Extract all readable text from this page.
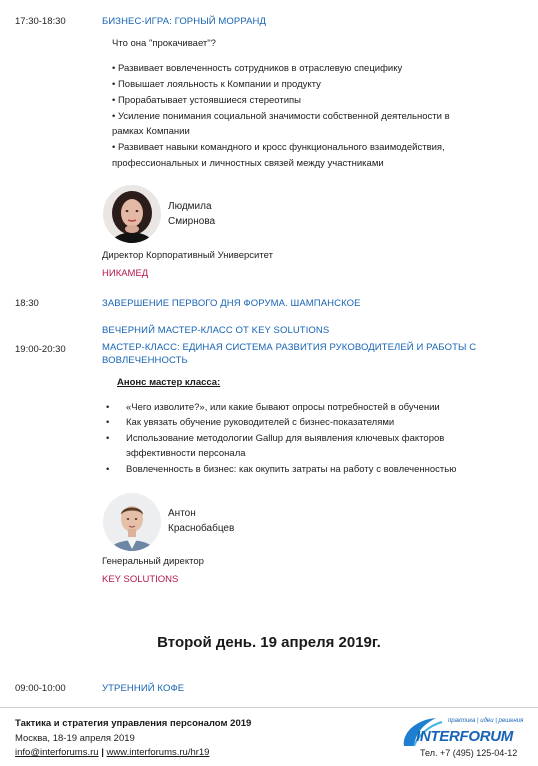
17:30-18:30	БИЗНЕС-ИГРА: ГОРНЫЙ МОРРАНД
Что она "прокачивает"?
• Развивает вовлеченность сотрудников в отраслевую специфику
• Повышает лояльность к Компании и продукту
• Прорабатывает устоявшиеся стереотипы
• Усиление понимания социальной значимости собственной деятельности в
рамках Компании
• Развивает навыки командного и кросс функционального взаимодействия,
профессиональных и личностных связей между участниками
Людмила
Смирнова
Директор Корпоративный Университет
НИКАМЕД
18:30	ЗАВЕРШЕНИЕ ПЕРВОГО ДНЯ ФОРУМА. ШАМПАНСКОЕ
ВЕЧЕРНИЙ МАСТЕР-КЛАСС ОТ KEY SOLUTIONS
19:00-20:30	МАСТЕР-КЛАСС: ЕДИНАЯ СИСТЕМА РАЗВИТИЯ РУКОВОДИТЕЛЕЙ И РАБОТЫ С
ВОВЛЕЧЕННОСТЬ
Анонс мастер класса:
• «Чего изволите?», или какие бывают опросы потребностей в обучении
• Как увязать обучение руководителей с бизнес-показателями
• Использование методологии Gallup для выявления ключевых факторов
эффективности персонала
• Вовлеченность в бизнес: как окупить затраты на работу с вовлеченностью
Антон
Краснобабцев
Генеральный директор
KEY SOLUTIONS
Второй день. 19 апреля 2019г.
09:00-10:00	УТРЕННИЙ КОФЕ
Тактика и стратегия управления персоналом 2019
Москва, 18-19 апреля 2019
info@interforums.ru | www.interforums.ru/hr19
практика | идеи | решения
INTERFORUM
Тел. +7 (495) 125-04-12
